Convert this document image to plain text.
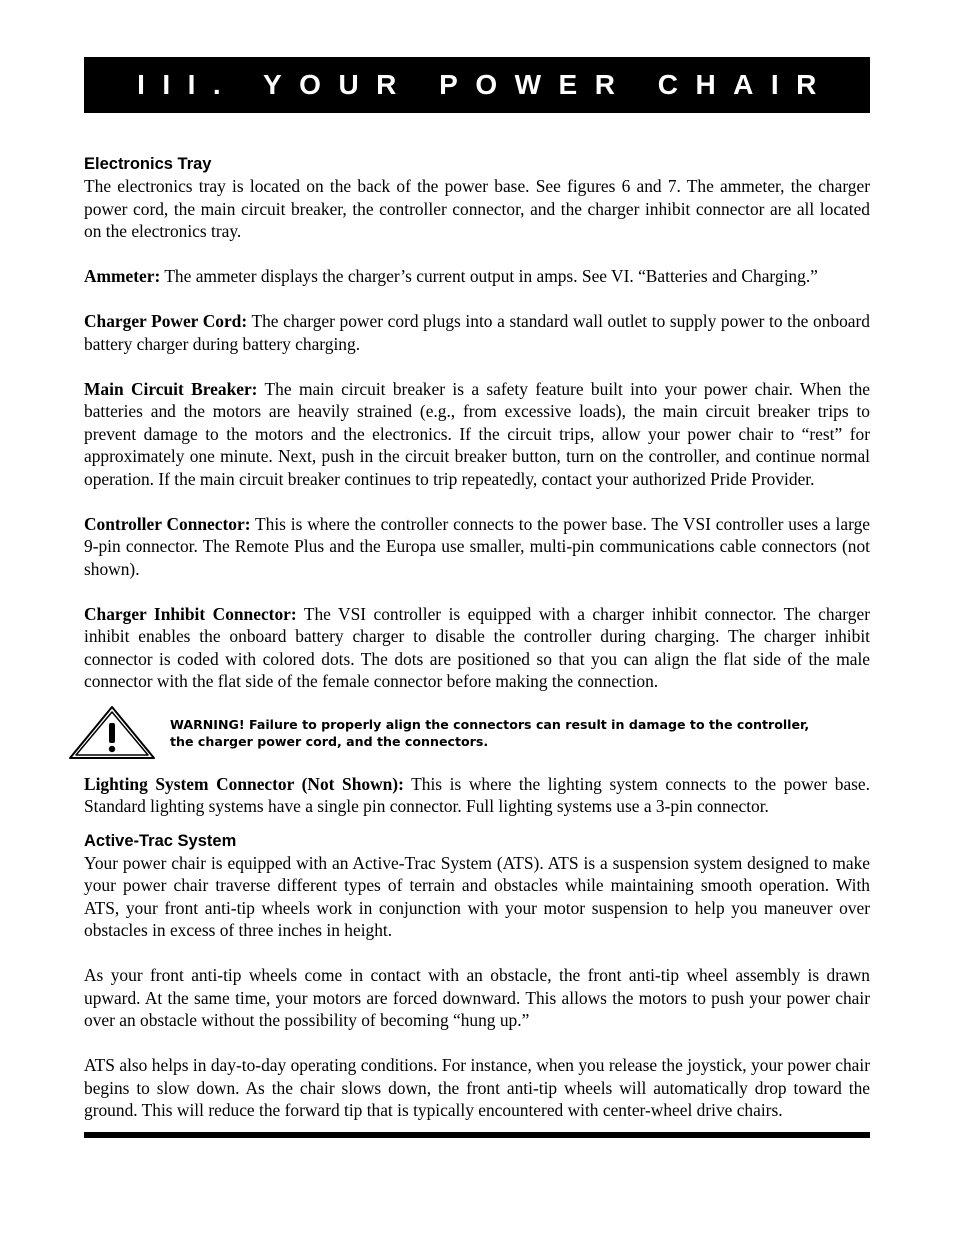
III. YOUR POWER CHAIR
Electronics Tray

The electronics tray is located on the back of the power base. See figures 6 and 7. The ammeter, the charger power cord, the main circuit breaker, the controller connector, and the charger inhibit connector are all located on the electronics tray.

Ammeter: The ammeter displays the charger’s current output in amps. See VI. “Batteries and Charging.”

Charger Power Cord: The charger power cord plugs into a standard wall outlet to supply power to the onboard battery charger during battery charging.

Main Circuit Breaker: The main circuit breaker is a safety feature built into your power chair. When the batteries and the motors are heavily strained (e.g., from excessive loads), the main circuit breaker trips to prevent damage to the motors and the electronics. If the circuit trips, allow your power chair to “rest” for approximately one minute. Next, push in the circuit breaker button, turn on the controller, and continue normal operation. If the main circuit breaker continues to trip repeatedly, contact your authorized Pride Provider.

Controller Connector: This is where the controller connects to the power base. The VSI controller uses a large 9-pin connector. The Remote Plus and the Europa use smaller, multi-pin communications cable connectors (not shown).

Charger Inhibit Connector: The VSI controller is equipped with a charger inhibit connector. The charger inhibit enables the onboard battery charger to disable the controller during charging. The charger inhibit connector is coded with colored dots. The dots are positioned so that you can align the flat side of the male connector with the flat side of the female connector before making the connection.

WARNING! Failure to properly align the connectors can result in damage to the controller,
the charger power cord, and the connectors.

Lighting System Connector (Not Shown): This is where the lighting system connects to the power base. Standard lighting systems have a single pin connector. Full lighting systems use a 3-pin connector.

Active-Trac System

Your power chair is equipped with an Active-Trac System (ATS). ATS is a suspension system designed to make your power chair traverse different types of terrain and obstacles while maintaining smooth operation. With ATS, your front anti-tip wheels work in conjunction with your motor suspension to help you maneuver over obstacles in excess of three inches in height.

As your front anti-tip wheels come in contact with an obstacle, the front anti-tip wheel assembly is drawn upward. At the same time, your motors are forced downward. This allows the motors to push your power chair over an obstacle without the possibility of becoming “hung up.”

ATS also helps in day-to-day operating conditions. For instance, when you release the joystick, your power chair begins to slow down. As the chair slows down, the front anti-tip wheels will automatically drop toward the ground. This will reduce the forward tip that is typically encountered with center-wheel drive chairs.
